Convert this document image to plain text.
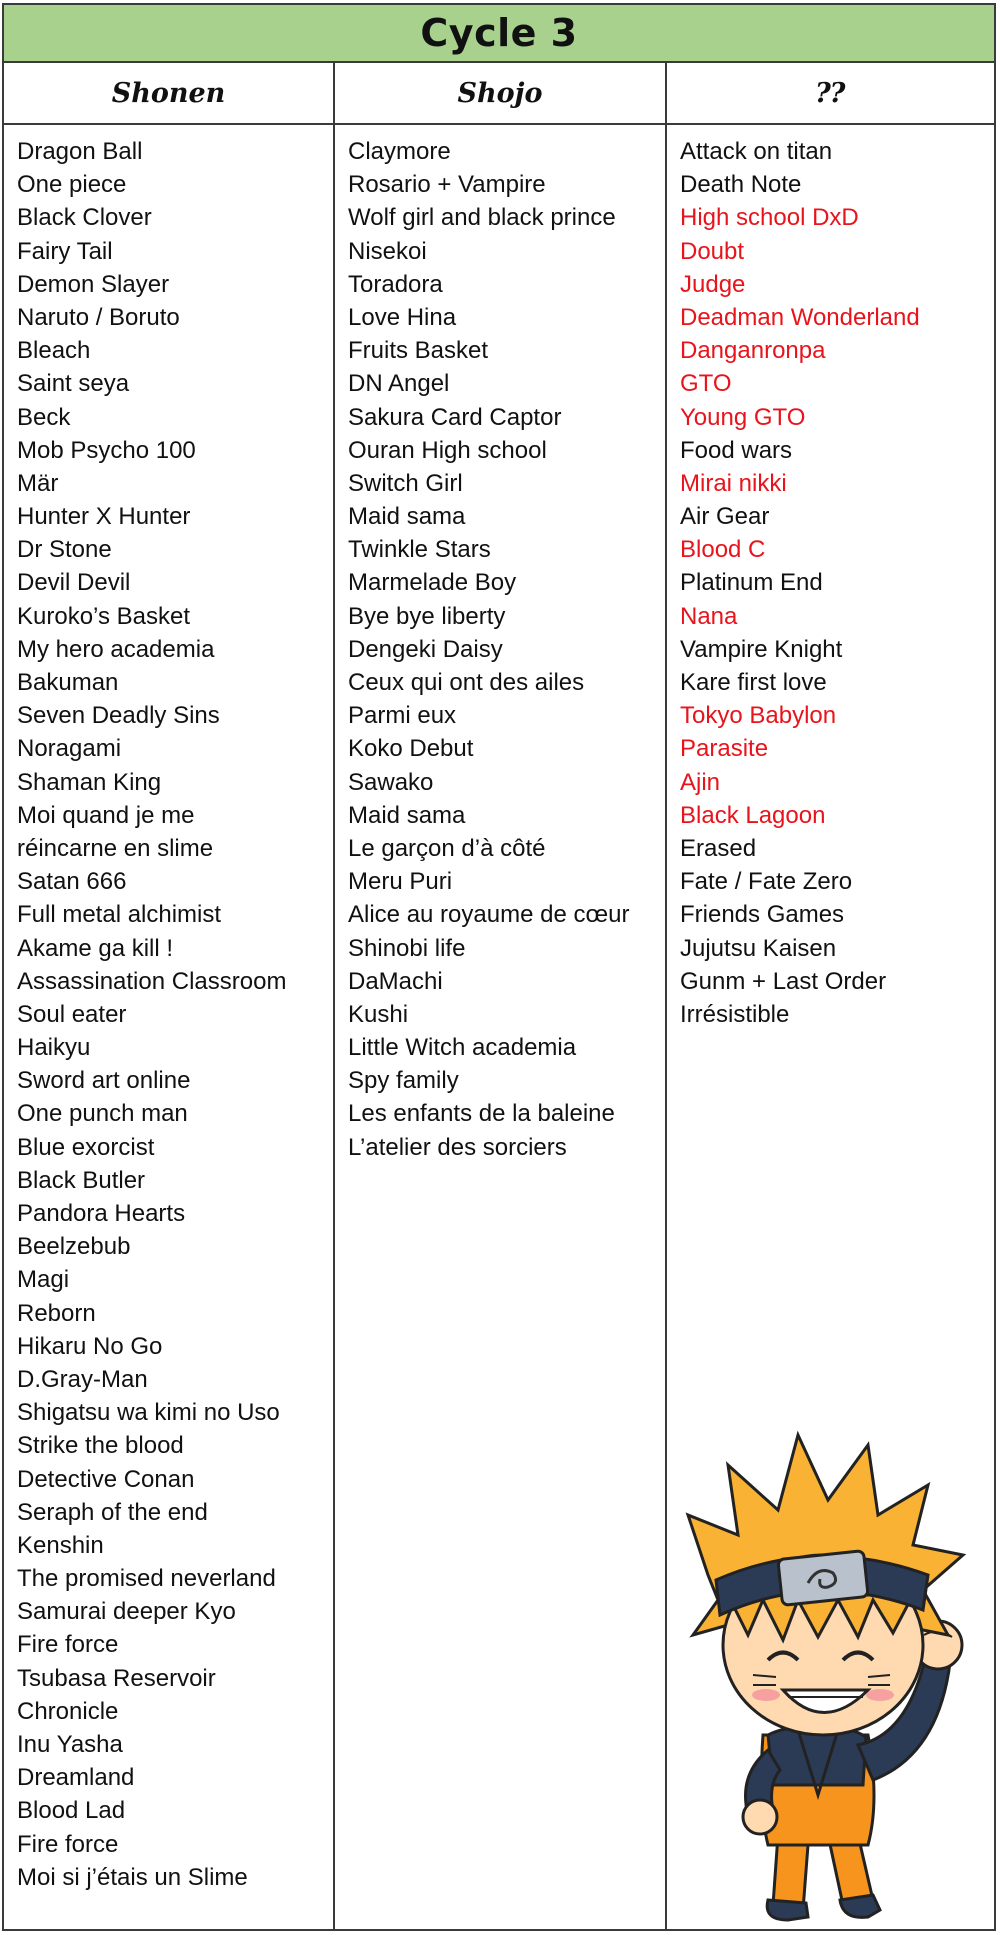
Cycle 3
Shonen	Shojo	⁇
Dragon Ball
One piece
Black Clover
Fairy Tail
Demon Slayer
Naruto / Boruto
Bleach
Saint seya
Beck
Mob Psycho 100
Mär
Hunter X Hunter
Dr Stone
Devil Devil
Kuroko’s Basket
My hero academia
Bakuman
Seven Deadly Sins
Noragami
Shaman King
Moi quand je me
réincarne en slime
Satan 666
Full metal alchimist
Akame ga kill !
Assassination Classroom
Soul eater
Haikyu
Sword art online
One punch man
Blue exorcist
Black Butler
Pandora Hearts
Beelzebub
Magi
Reborn
Hikaru No Go
D.Gray-Man
Shigatsu wa kimi no Uso
Strike the blood
Detective Conan
Seraph of the end
Kenshin
The promised neverland
Samurai deeper Kyo
Fire force
Tsubasa Reservoir
Chronicle
Inu Yasha
Dreamland
Blood Lad
Fire force
Moi si j’étais un Slime
Claymore
Rosario + Vampire
Wolf girl and black prince
Nisekoi
Toradora
Love Hina
Fruits Basket
DN Angel
Sakura Card Captor
Ouran High school
Switch Girl
Maid sama
Twinkle Stars
Marmelade Boy
Bye bye liberty
Dengeki Daisy
Ceux qui ont des ailes
Parmi eux
Koko Debut
Sawako
Maid sama
Le garçon d’à côté
Meru Puri
Alice au royaume de cœur
Shinobi life
DaMachi
Kushi
Little Witch academia
Spy family
Les enfants de la baleine
L’atelier des sorciers
Attack on titan
Death Note
High school DxD
Doubt
Judge
Deadman Wonderland
Danganronpa
GTO
Young GTO
Food wars
Mirai nikki
Air Gear
Blood C
Platinum End
Nana
Vampire Knight
Kare first love
Tokyo Babylon
Parasite
Ajin
Black Lagoon
Erased
Fate / Fate Zero
Friends Games
Jujutsu Kaisen
Gunm + Last Order
Irrésistible
